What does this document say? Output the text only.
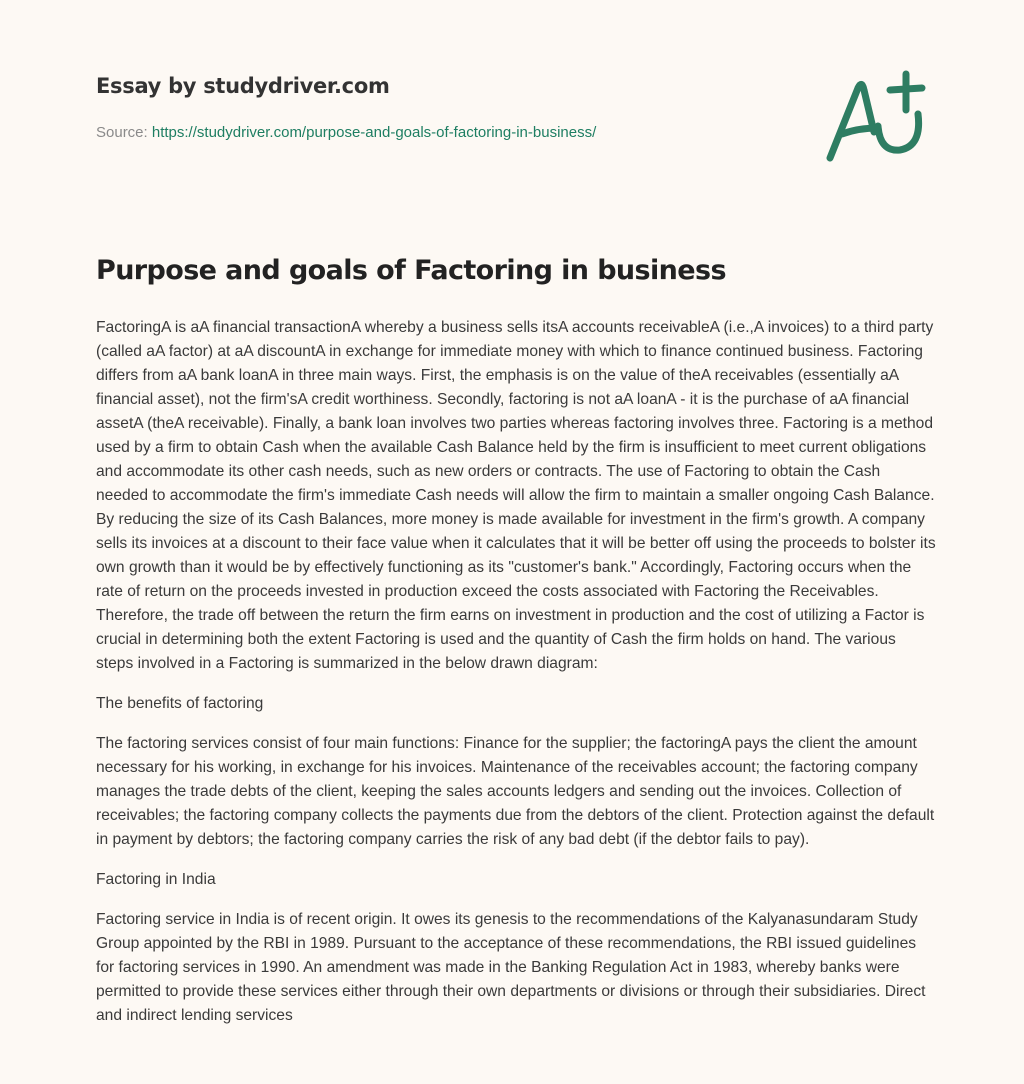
Essay by studydriver.com
Source: https://studydriver.com/purpose-and-goals-of-factoring-in-business/
Purpose and goals of Factoring in business

FactoringA is aA financial transactionA whereby a business sells itsA accounts receivableA (i.e.,A invoices) to a third party (called aA factor) at aA discountA in exchange for immediate money with which to finance continued business. Factoring differs from aA bank loanA in three main ways. First, the emphasis is on the value of theA receivables (essentially aA financial asset), not the firm'sA credit worthiness. Secondly, factoring is not aA loanA - it is the purchase of aA financial assetA (theA receivable). Finally, a bank loan involves two parties whereas factoring involves three. Factoring is a method used by a firm to obtain Cash when the available Cash Balance held by the firm is insufficient to meet current obligations and accommodate its other cash needs, such as new orders or contracts. The use of Factoring to obtain the Cash needed to accommodate the firm's immediate Cash needs will allow the firm to maintain a smaller ongoing Cash Balance. By reducing the size of its Cash Balances, more money is made available for investment in the firm's growth. A company sells its invoices at a discount to their face value when it calculates that it will be better off using the proceeds to bolster its own growth than it would be by effectively functioning as its "customer's bank." Accordingly, Factoring occurs when the rate of return on the proceeds invested in production exceed the costs associated with Factoring the Receivables. Therefore, the trade off between the return the firm earns on investment in production and the cost of utilizing a Factor is crucial in determining both the extent Factoring is used and the quantity of Cash the firm holds on hand. The various steps involved in a Factoring is summarized in the below drawn diagram:

The benefits of factoring

The factoring services consist of four main functions: Finance for the supplier; the factoringA pays the client the amount necessary for his working, in exchange for his invoices. Maintenance of the receivables account; the factoring company manages the trade debts of the client, keeping the sales accounts ledgers and sending out the invoices. Collection of receivables; the factoring company collects the payments due from the debtors of the client. Protection against the default in payment by debtors; the factoring company carries the risk of any bad debt (if the debtor fails to pay).

Factoring in India

Factoring service in India is of recent origin. It owes its genesis to the recommendations of the Kalyanasundaram Study Group appointed by the RBI in 1989. Pursuant to the acceptance of these recommendations, the RBI issued guidelines for factoring services in 1990. An amendment was made in the Banking Regulation Act in 1983, whereby banks were permitted to provide these services either through their own departments or divisions or through their subsidiaries. Direct and indirect lending services
